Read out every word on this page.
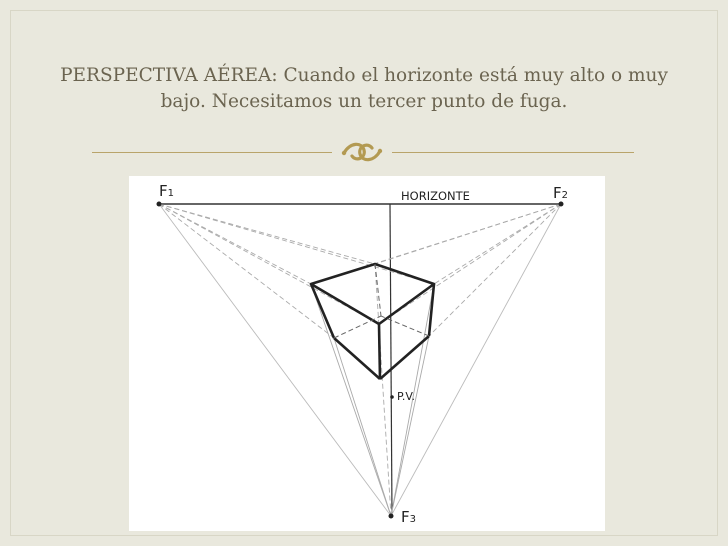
PERSPECTIVA AÉREA: Cuando el horizonte está muy alto o muy
bajo. Necesitamos un tercer punto de fuga.
F1	F2
F3
HORIZONTE
P.V.
